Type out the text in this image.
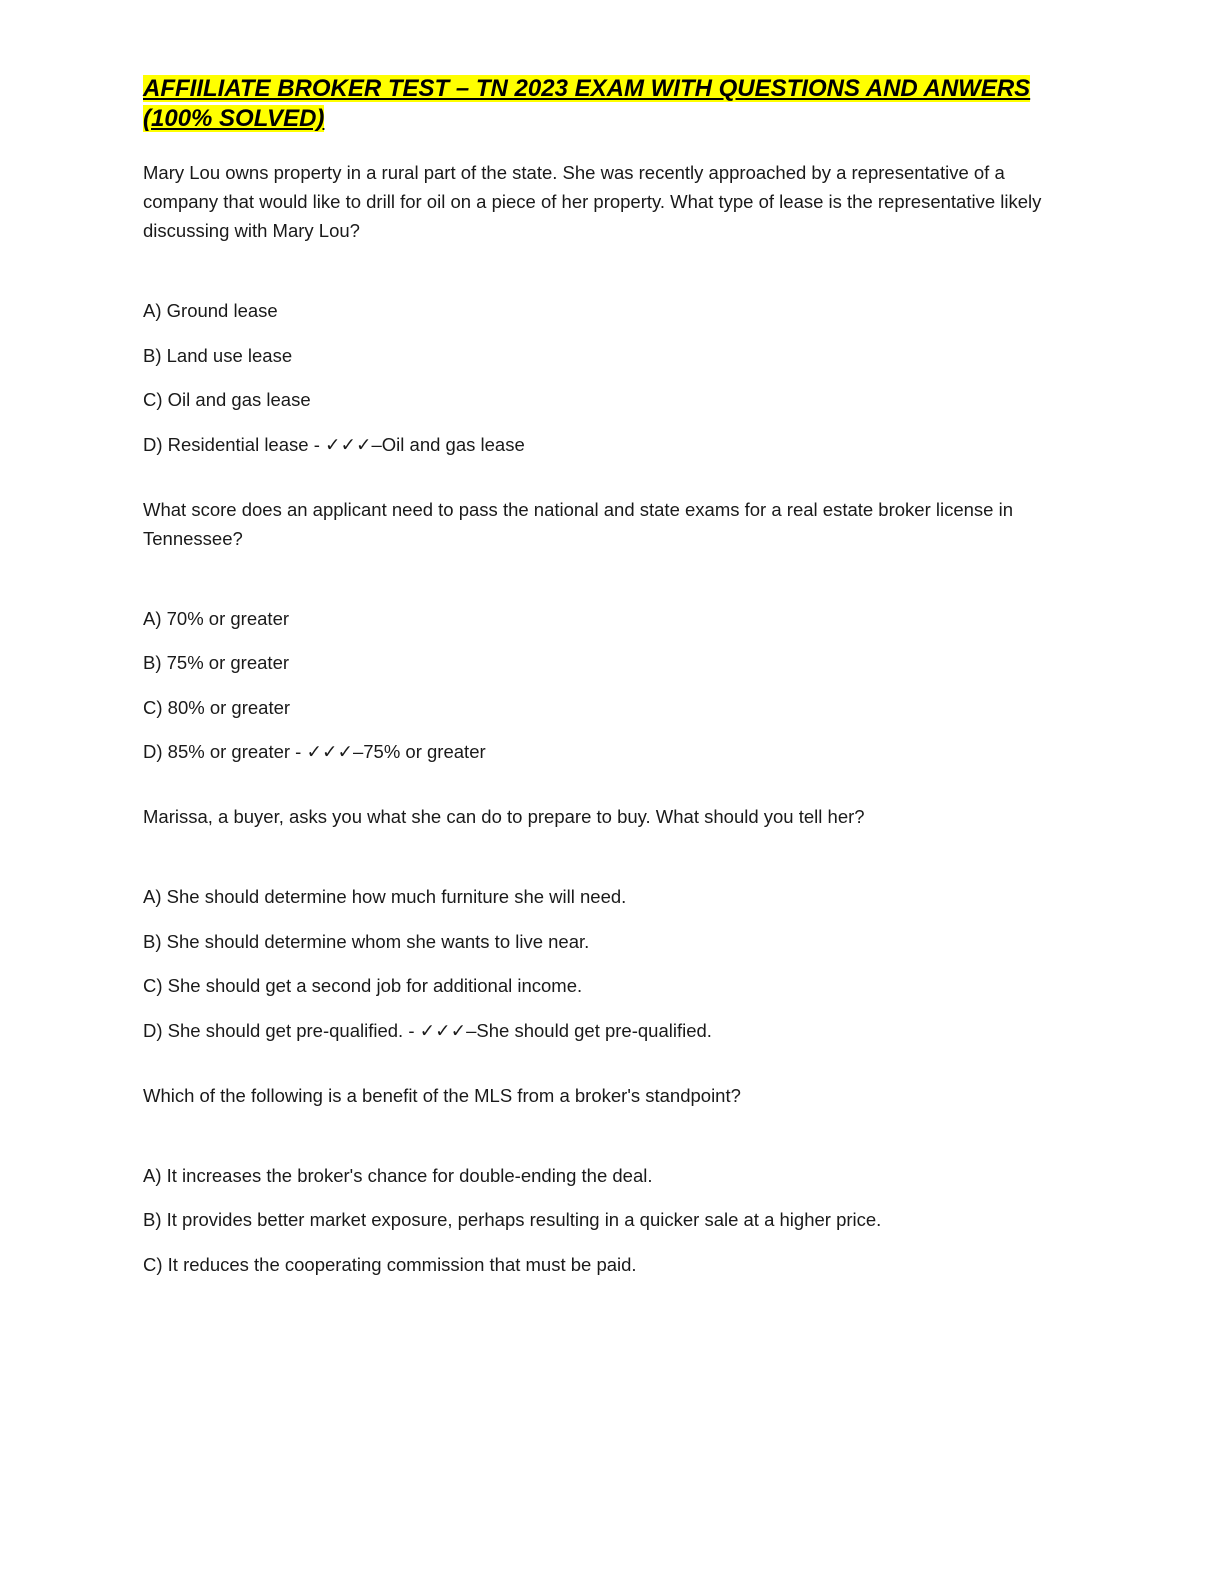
AFFIILIATE BROKER TEST – TN 2023 EXAM WITH QUESTIONS AND ANWERS (100% SOLVED)

Mary Lou owns property in a rural part of the state. She was recently approached by a representative of a company that would like to drill for oil on a piece of her property. What type of lease is the representative likely discussing with Mary Lou?

A) Ground lease
B) Land use lease
C) Oil and gas lease
D) Residential lease - ✓✓✓–Oil and gas lease

What score does an applicant need to pass the national and state exams for a real estate broker license in Tennessee?

A) 70% or greater
B) 75% or greater
C) 80% or greater
D) 85% or greater - ✓✓✓–75% or greater

Marissa, a buyer, asks you what she can do to prepare to buy. What should you tell her?

A) She should determine how much furniture she will need.
B) She should determine whom she wants to live near.
C) She should get a second job for additional income.
D) She should get pre-qualified. - ✓✓✓–She should get pre-qualified.

Which of the following is a benefit of the MLS from a broker's standpoint?

A) It increases the broker's chance for double-ending the deal.
B) It provides better market exposure, perhaps resulting in a quicker sale at a higher price.
C) It reduces the cooperating commission that must be paid.
